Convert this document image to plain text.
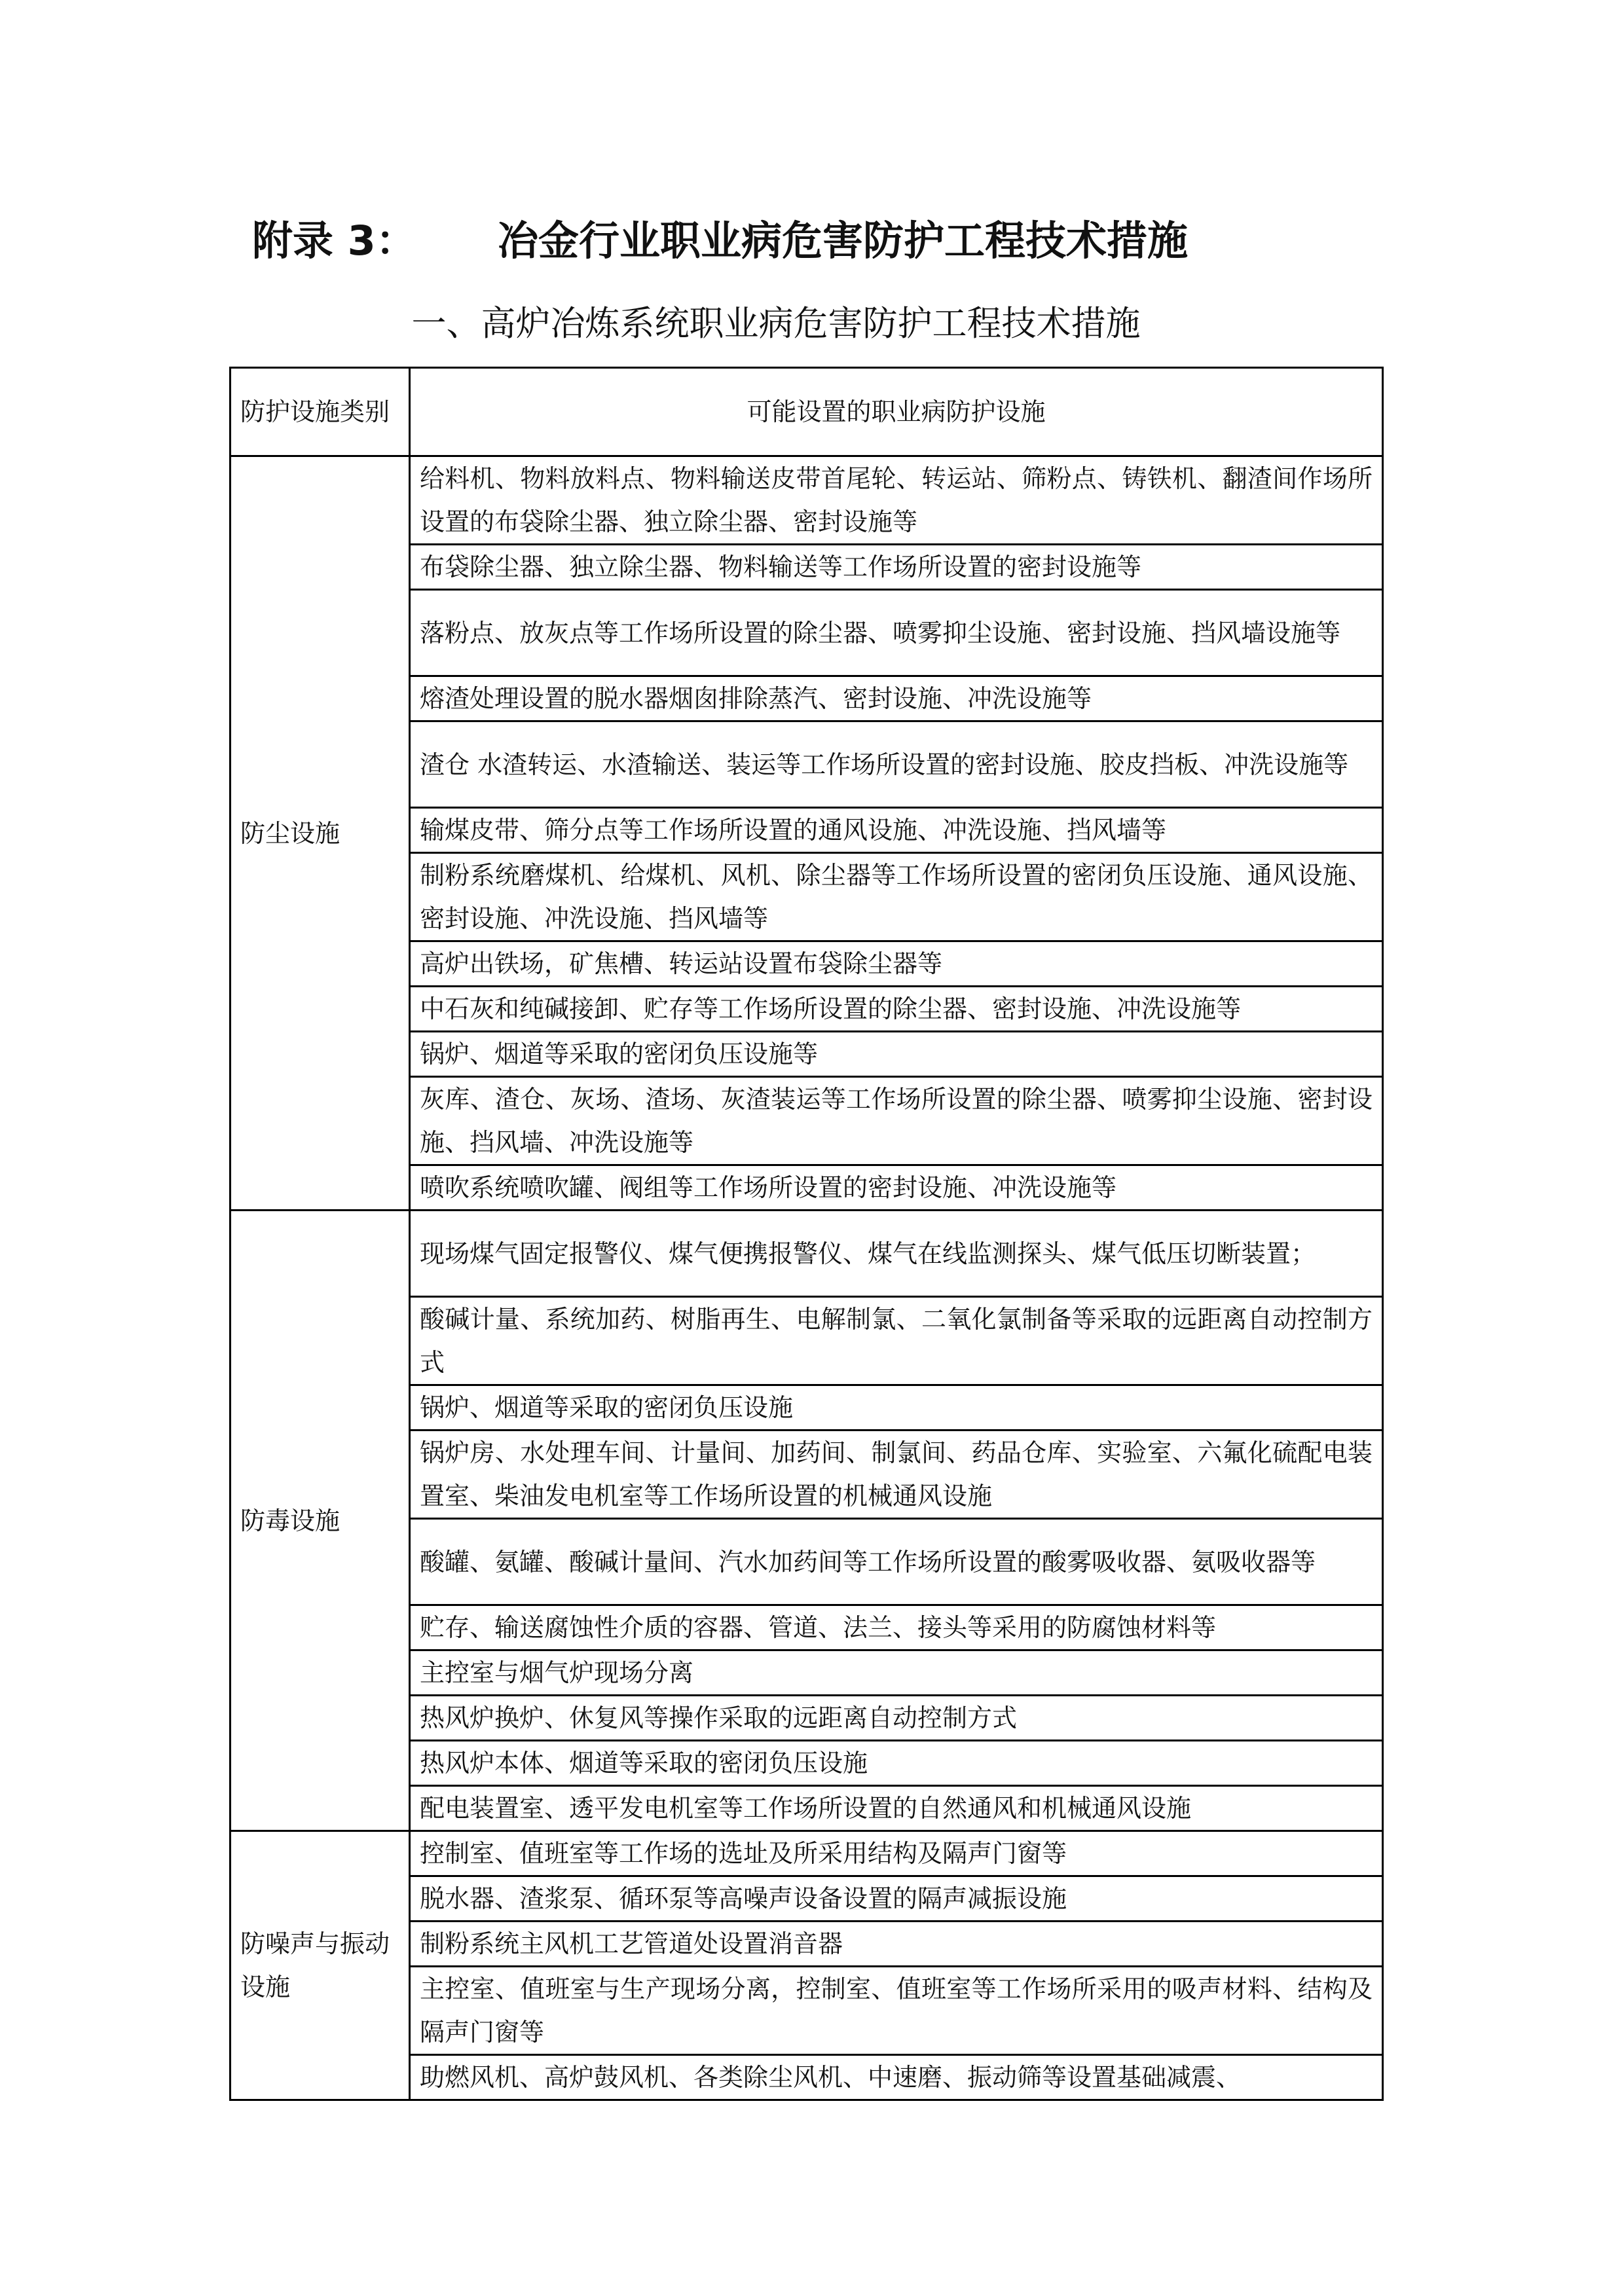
附录 3： 冶金行业职业病危害防护工程技术措施
一、高炉冶炼系统职业病危害防护工程技术措施
防护设施类别	可能设置的职业病防护设施
防尘设施	给料机、物料放料点、物料输送皮带首尾轮、转运站、筛粉点、铸铁机、翻渣间作场所设置的布袋除尘器、独立除尘器、密封设施等
	布袋除尘器、独立除尘器、物料输送等工作场所设置的密封设施等
	落粉点、放灰点等工作场所设置的除尘器、喷雾抑尘设施、密封设施、挡风墙设施等
	熔渣处理设置的脱水器烟囱排除蒸汽、密封设施、冲洗设施等
	渣仓 水渣转运、水渣输送、装运等工作场所设置的密封设施、胶皮挡板、冲洗设施等
	输煤皮带、筛分点等工作场所设置的通风设施、冲洗设施、挡风墙等
	制粉系统磨煤机、给煤机、风机、除尘器等工作场所设置的密闭负压设施、通风设施、密封设施、冲洗设施、挡风墙等
	高炉出铁场，矿焦槽、转运站设置布袋除尘器等
	中石灰和纯碱接卸、贮存等工作场所设置的除尘器、密封设施、冲洗设施等
	锅炉、烟道等采取的密闭负压设施等
	灰库、渣仓、灰场、渣场、灰渣装运等工作场所设置的除尘器、喷雾抑尘设施、密封设施、挡风墙、冲洗设施等
	喷吹系统喷吹罐、阀组等工作场所设置的密封设施、冲洗设施等
防毒设施	现场煤气固定报警仪、煤气便携报警仪、煤气在线监测探头、煤气低压切断装置；
	酸碱计量、系统加药、树脂再生、电解制氯、二氧化氯制备等采取的远距离自动控制方式
	锅炉、烟道等采取的密闭负压设施
	锅炉房、水处理车间、计量间、加药间、制氯间、药品仓库、实验室、六氟化硫配电装置室、柴油发电机室等工作场所设置的机械通风设施
	酸罐、氨罐、酸碱计量间、汽水加药间等工作场所设置的酸雾吸收器、氨吸收器等
	贮存、输送腐蚀性介质的容器、管道、法兰、接头等采用的防腐蚀材料等
	主控室与烟气炉现场分离
	热风炉换炉、休复风等操作采取的远距离自动控制方式
	热风炉本体、烟道等采取的密闭负压设施
	配电装置室、透平发电机室等工作场所设置的自然通风和机械通风设施
防噪声与振动设施	控制室、值班室等工作场的选址及所采用结构及隔声门窗等
	脱水器、渣浆泵、循环泵等高噪声设备设置的隔声减振设施
	制粉系统主风机工艺管道处设置消音器
	主控室、值班室与生产现场分离，控制室、值班室等工作场所采用的吸声材料、结构及隔声门窗等
	助燃风机、高炉鼓风机、各类除尘风机、中速磨、振动筛等设置基础减震、
